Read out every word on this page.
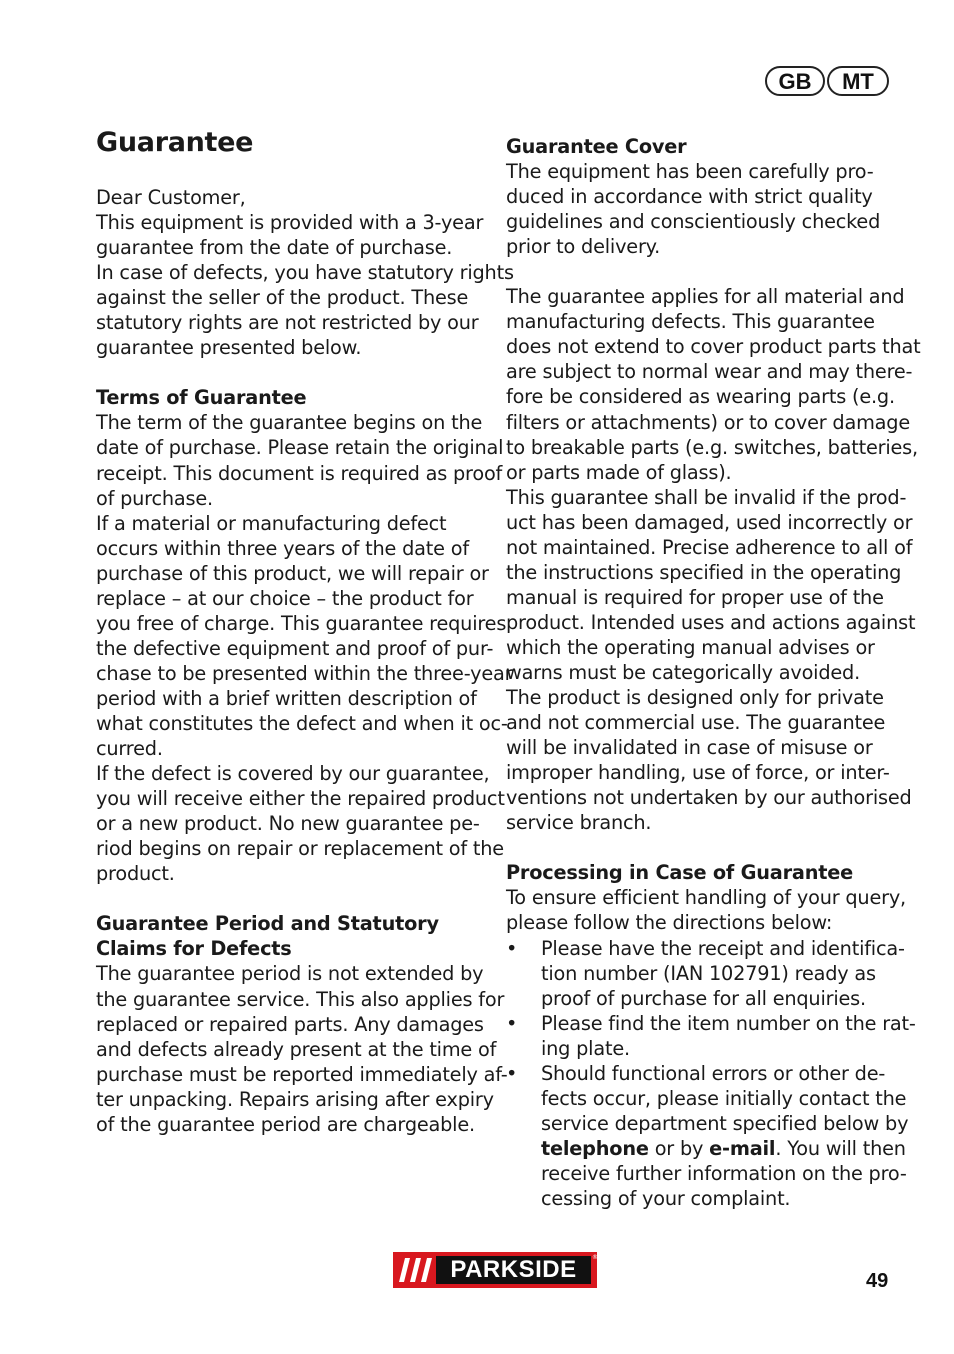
GB	MT
Guarantee
Dear Customer,
This equipment is provided with a 3-year
guarantee from the date of purchase.
In case of defects, you have statutory rights
against the seller of the product. These
statutory rights are not restricted by our
guarantee presented below.
Terms of Guarantee
The term of the guarantee begins on the
date of purchase. Please retain the original
receipt. This document is required as proof
of purchase.
If a material or manufacturing defect
occurs within three years of the date of
purchase of this product, we will repair or
replace – at our choice – the product for
you free of charge. This guarantee requires
the defective equipment and proof of pur-
chase to be presented within the three-year
period with a brief written description of
what constitutes the defect and when it oc-
curred.
If the defect is covered by our guarantee,
you will receive either the repaired product
or a new product. No new guarantee pe-
riod begins on repair or replacement of the
product.
Guarantee Period and Statutory
Claims for Defects
The guarantee period is not extended by
the guarantee service. This also applies for
replaced or repaired parts. Any damages
and defects already present at the time of
purchase must be reported immediately af-
ter unpacking. Repairs arising after expiry
of the guarantee period are chargeable.
Guarantee Cover
The equipment has been carefully pro-
duced in accordance with strict quality
guidelines and conscientiously checked
prior to delivery.
The guarantee applies for all material and
manufacturing defects. This guarantee
does not extend to cover product parts that
are subject to normal wear and may there-
fore be considered as wearing parts (e.g.
filters or attachments) or to cover damage
to breakable parts (e.g. switches, batteries,
or parts made of glass).
This guarantee shall be invalid if the prod-
uct has been damaged, used incorrectly or
not maintained. Precise adherence to all of
the instructions specified in the operating
manual is required for proper use of the
product. Intended uses and actions against
which the operating manual advises or
warns must be categorically avoided.
The product is designed only for private
and not commercial use. The guarantee
will be invalidated in case of misuse or
improper handling, use of force, or inter-
ventions not undertaken by our authorised
service branch.
Processing in Case of Guarantee
To ensure efficient handling of your query,
please follow the directions below:
• Please have the receipt and identifica-
tion number (IAN 102791) ready as
proof of purchase for all enquiries.
• Please find the item number on the rat-
ing plate.
• Should functional errors or other de-
fects occur, please initially contact the
service department specified below by
telephone or by e-mail. You will then
receive further information on the pro-
cessing of your complaint.
PARKSIDE	®
49
